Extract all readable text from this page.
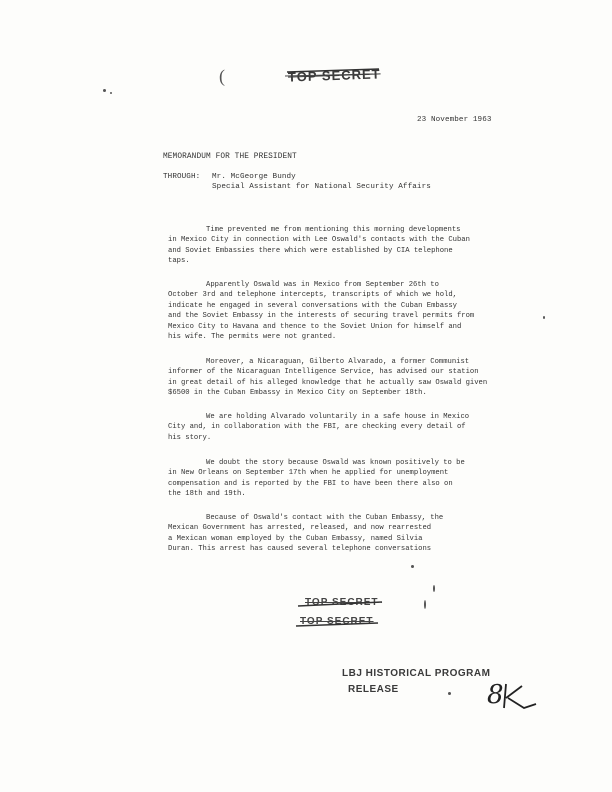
(	TOP SECRET
23 November 1963
MEMORANDUM FOR THE PRESIDENT
THROUGH: Mr. McGeorge Bundy
Special Assistant for National Security Affairs
Time prevented me from mentioning this morning developments
in Mexico City in connection with Lee Oswald's contacts with the Cuban
and Soviet Embassies there which were established by CIA telephone
taps.
Apparently Oswald was in Mexico from September 26th to
October 3rd and telephone intercepts, transcripts of which we hold,
indicate he engaged in several conversations with the Cuban Embassy
and the Soviet Embassy in the interests of securing travel permits from
Mexico City to Havana and thence to the Soviet Union for himself and
his wife. The permits were not granted.
Moreover, a Nicaraguan, Gilberto Alvarado, a former Communist
informer of the Nicaraguan Intelligence Service, has advised our station
in great detail of his alleged knowledge that he actually saw Oswald given
$6500 in the Cuban Embassy in Mexico City on September 18th.
We are holding Alvarado voluntarily in a safe house in Mexico
City and, in collaboration with the FBI, are checking every detail of
his story.
We doubt the story because Oswald was known positively to be
in New Orleans on September 17th when he applied for unemployment
compensation and is reported by the FBI to have been there also on
the 18th and 19th.
Because of Oswald's contact with the Cuban Embassy, the
Mexican Government has arrested, released, and now rearrested
a Mexican woman employed by the Cuban Embassy, named Silvia
Duran. This arrest has caused several telephone conversations
TOP SECRET
TOP SECRET
LBJ HISTORICAL PROGRAM
RELEASE	8
